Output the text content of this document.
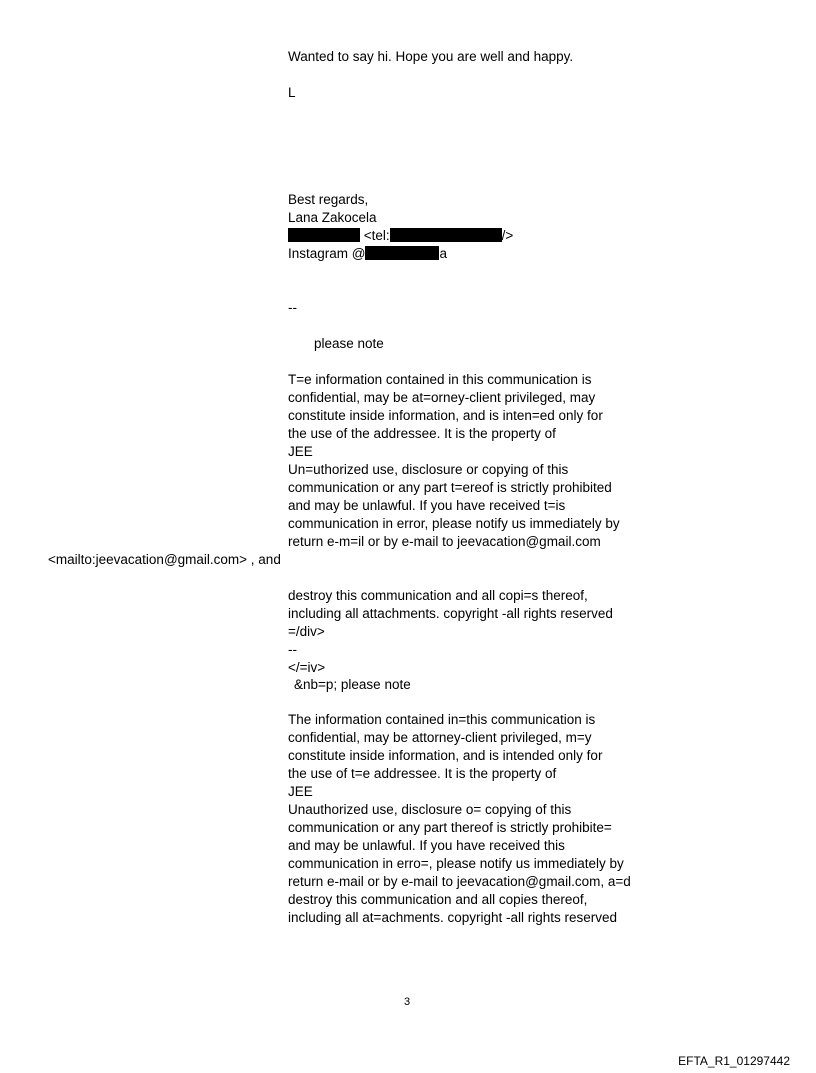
Wanted to say hi. Hope you are well and happy.

L

Best regards,

Lana Zakocela

<tel:	/>

Instagram @	a

--

please note

T=e information contained in this communication is

confidential, may be at=orney-client privileged, may

constitute inside information, and is inten=ed only for

the use of the addressee. It is the property of

JEE

Un=uthorized use, disclosure or copying of this

communication or any part t=ereof is strictly prohibited

and may be unlawful. If you have received t=is

communication in error, please notify us immediately by

return e-m=il or by e-mail to jeevacation@gmail.com

<mailto:jeevacation@gmail.com> , and

destroy this communication and all copi=s thereof,

including all attachments. copyright -all rights reserved

=/div>

--

</=iv>

&nb=p; please note

The information contained in=this communication is

confidential, may be attorney-client privileged, m=y

constitute inside information, and is intended only for

the use of t=e addressee. It is the property of

JEE

Unauthorized use, disclosure o= copying of this

communication or any part thereof is strictly prohibite=

and may be unlawful. If you have received this

communication in erro=, please notify us immediately by

return e-mail or by e-mail to jeevacation@gmail.com, a=d

destroy this communication and all copies thereof,

including all at=achments. copyright -all rights reserved

3
EFTA_R1_01297442
